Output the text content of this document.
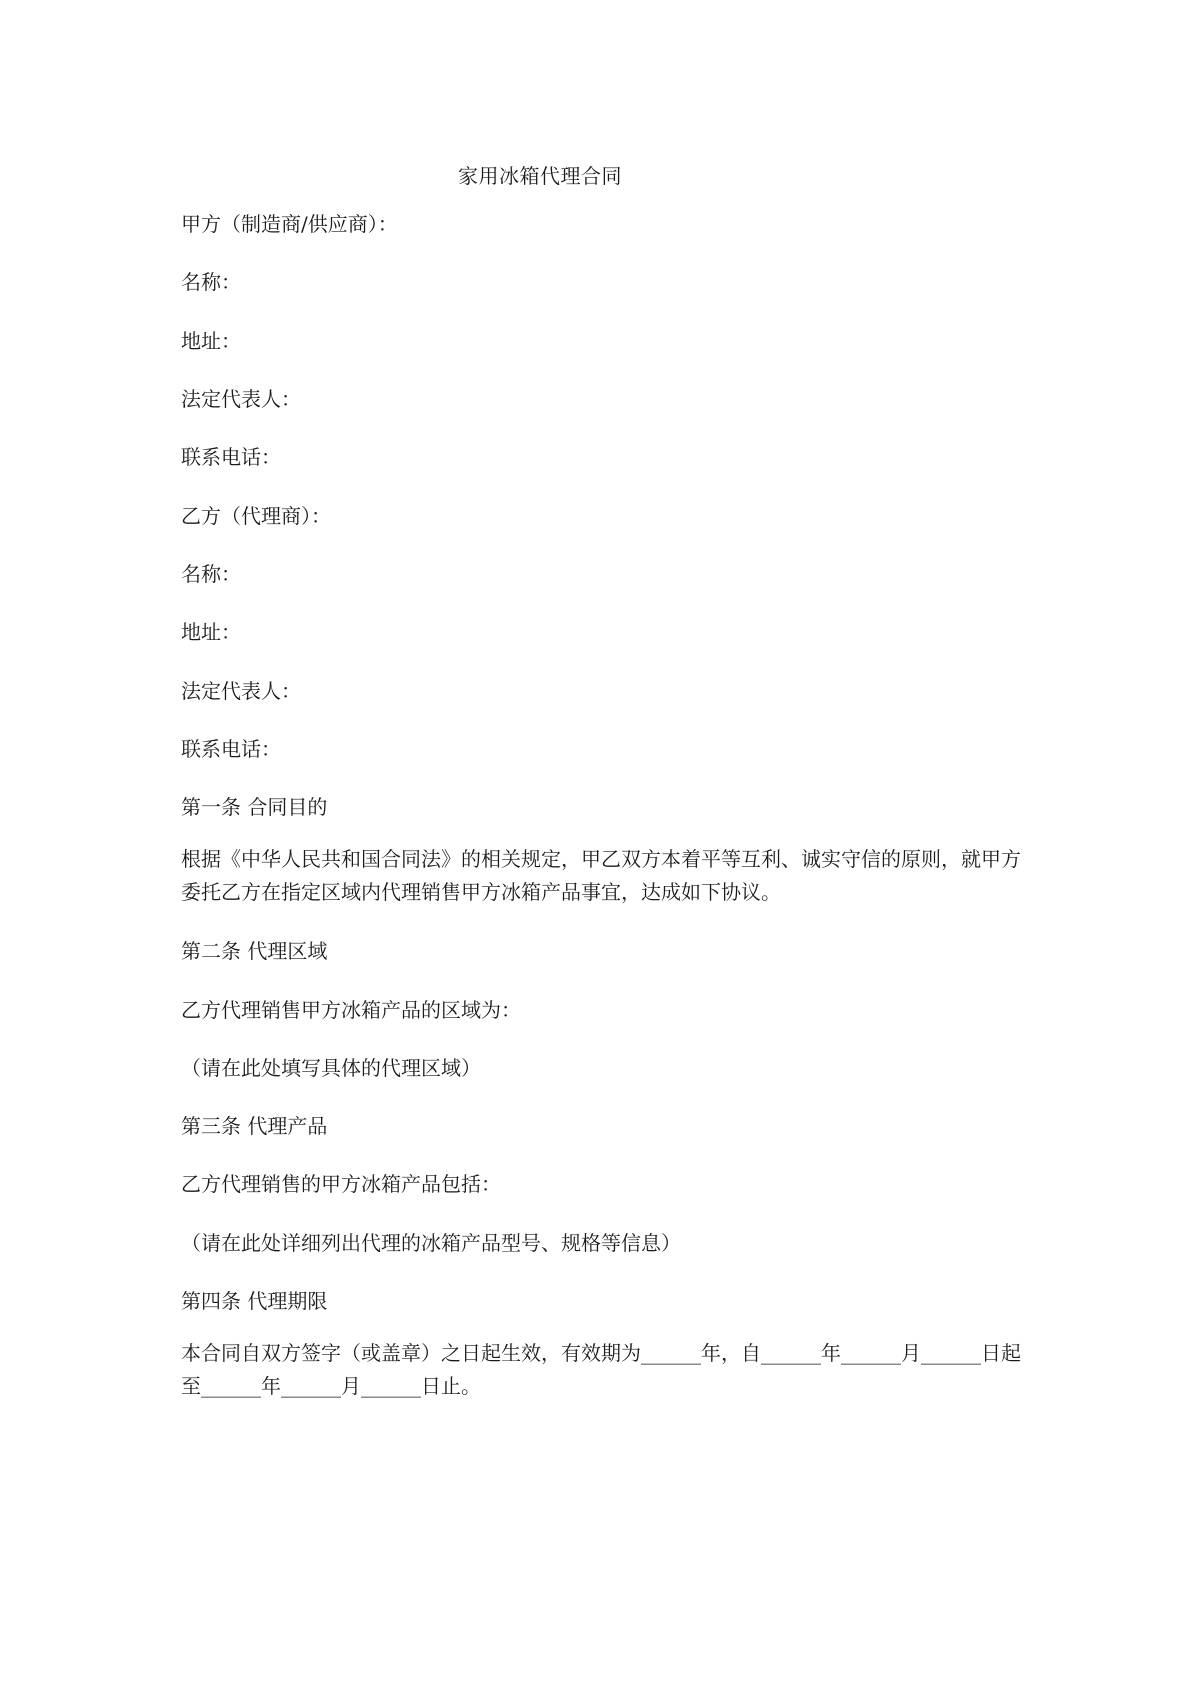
家用冰箱代理合同
甲方（制造商/供应商）：
名称：
地址：
法定代表人：
联系电话：
乙方（代理商）：
名称：
地址：
法定代表人：
联系电话：
第一条 合同目的
根据《中华人民共和国合同法》的相关规定，甲乙双方本着平等互利、诚实守信的原则，就甲方委托乙方在指定区域内代理销售甲方冰箱产品事宜，达成如下协议。
第二条 代理区域
乙方代理销售甲方冰箱产品的区域为：
（请在此处填写具体的代理区域）
第三条 代理产品
乙方代理销售的甲方冰箱产品包括：
（请在此处详细列出代理的冰箱产品型号、规格等信息）
第四条 代理期限
本合同自双方签字（或盖章）之日起生效，有效期为______年，自______年______月______日起至______年______月______日止。
